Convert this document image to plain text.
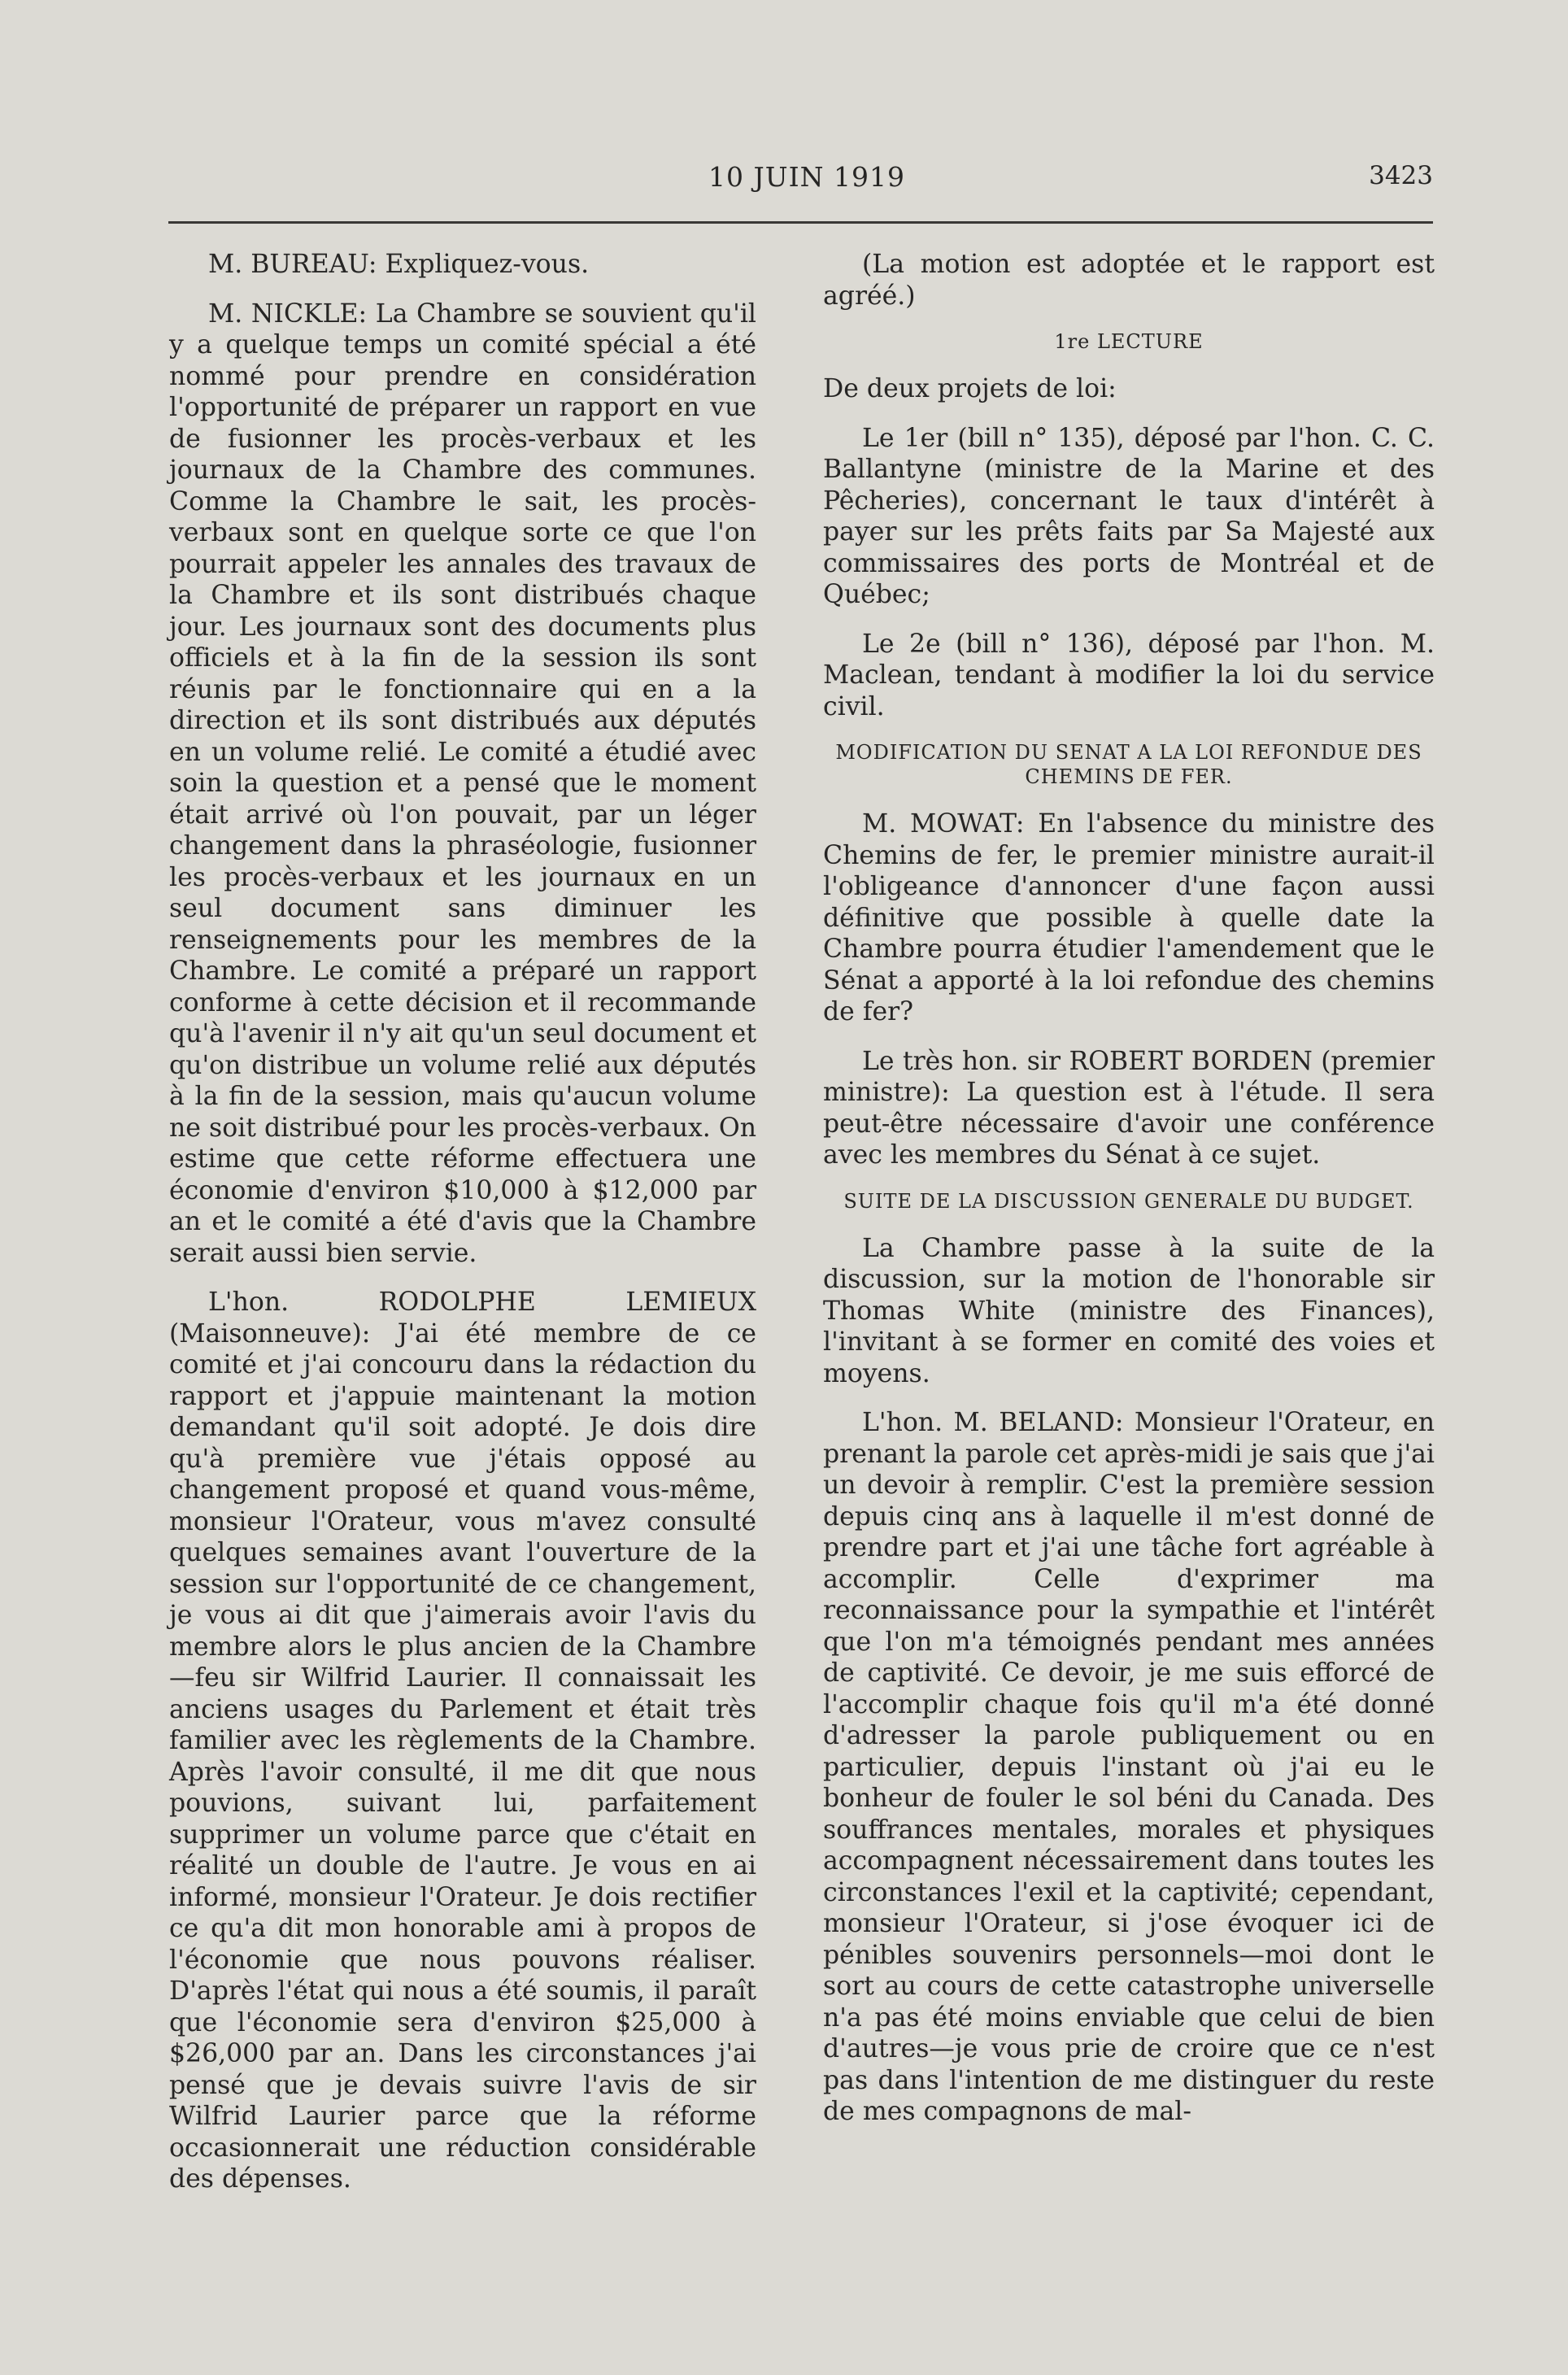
10 JUIN 1919	3423

M. BUREAU: Expliquez-vous.

M. NICKLE: La Chambre se souvient qu'il y a quelque temps un comité spécial a été nommé pour prendre en considération l'opportunité de préparer un rapport en vue de fusionner les procès-verbaux et les journaux de la Chambre des communes. Comme la Chambre le sait, les procès-verbaux sont en quelque sorte ce que l'on pourrait appeler les annales des travaux de la Chambre et ils sont distribués chaque jour. Les journaux sont des documents plus officiels et à la fin de la session ils sont réunis par le fonctionnaire qui en a la direction et ils sont distribués aux députés en un volume relié. Le comité a étudié avec soin la question et a pensé que le moment était arrivé où l'on pouvait, par un léger changement dans la phraséologie, fusionner les procès-verbaux et les journaux en un seul document sans diminuer les renseignements pour les membres de la Chambre. Le comité a préparé un rapport conforme à cette décision et il recommande qu'à l'avenir il n'y ait qu'un seul document et qu'on distribue un volume relié aux députés à la fin de la session, mais qu'aucun volume ne soit distribué pour les procès-verbaux. On estime que cette réforme effectuera une économie d'environ $10,000 à $12,000 par an et le comité a été d'avis que la Chambre serait aussi bien servie.

L'hon. RODOLPHE LEMIEUX (Maisonneuve): J'ai été membre de ce comité et j'ai concouru dans la rédaction du rapport et j'appuie maintenant la motion demandant qu'il soit adopté. Je dois dire qu'à première vue j'étais opposé au changement proposé et quand vous-même, monsieur l'Orateur, vous m'avez consulté quelques semaines avant l'ouverture de la session sur l'opportunité de ce changement, je vous ai dit que j'aimerais avoir l'avis du membre alors le plus ancien de la Chambre—feu sir Wilfrid Laurier. Il connaissait les anciens usages du Parlement et était très familier avec les règlements de la Chambre. Après l'avoir consulté, il me dit que nous pouvions, suivant lui, parfaitement supprimer un volume parce que c'était en réalité un double de l'autre. Je vous en ai informé, monsieur l'Orateur. Je dois rectifier ce qu'a dit mon honorable ami à propos de l'économie que nous pouvons réaliser. D'après l'état qui nous a été soumis, il paraît que l'économie sera d'environ $25,000 à $26,000 par an. Dans les circonstances j'ai pensé que je devais suivre l'avis de sir Wilfrid Laurier parce que la réforme occasionnerait une réduction considérable des dépenses.

(La motion est adoptée et le rapport est agréé.)

1re LECTURE

De deux projets de loi:

Le 1er (bill n° 135), déposé par l'hon. C. C. Ballantyne (ministre de la Marine et des Pêcheries), concernant le taux d'intérêt à payer sur les prêts faits par Sa Majesté aux commissaires des ports de Montréal et de Québec;

Le 2e (bill n° 136), déposé par l'hon. M. Maclean, tendant à modifier la loi du service civil.

MODIFICATION DU SENAT A LA LOI REFONDUE DES CHEMINS DE FER.

M. MOWAT: En l'absence du ministre des Chemins de fer, le premier ministre aurait-il l'obligeance d'annoncer d'une façon aussi définitive que possible à quelle date la Chambre pourra étudier l'amendement que le Sénat a apporté à la loi refondue des chemins de fer?

Le très hon. sir ROBERT BORDEN (premier ministre): La question est à l'étude. Il sera peut-être nécessaire d'avoir une conférence avec les membres du Sénat à ce sujet.

SUITE DE LA DISCUSSION GENERALE DU BUDGET.

La Chambre passe à la suite de la discussion, sur la motion de l'honorable sir Thomas White (ministre des Finances), l'invitant à se former en comité des voies et moyens.

L'hon. M. BELAND: Monsieur l'Orateur, en prenant la parole cet après-midi je sais que j'ai un devoir à remplir. C'est la première session depuis cinq ans à laquelle il m'est donné de prendre part et j'ai une tâche fort agréable à accomplir. Celle d'exprimer ma reconnaissance pour la sympathie et l'intérêt que l'on m'a témoignés pendant mes années de captivité. Ce devoir, je me suis efforcé de l'accomplir chaque fois qu'il m'a été donné d'adresser la parole publiquement ou en particulier, depuis l'instant où j'ai eu le bonheur de fouler le sol béni du Canada. Des souffrances mentales, morales et physiques accompagnent nécessairement dans toutes les circonstances l'exil et la captivité; cependant, monsieur l'Orateur, si j'ose évoquer ici de pénibles souvenirs personnels—moi dont le sort au cours de cette catastrophe universelle n'a pas été moins enviable que celui de bien d'autres—je vous prie de croire que ce n'est pas dans l'intention de me distinguer du reste de mes compagnons de mal-
